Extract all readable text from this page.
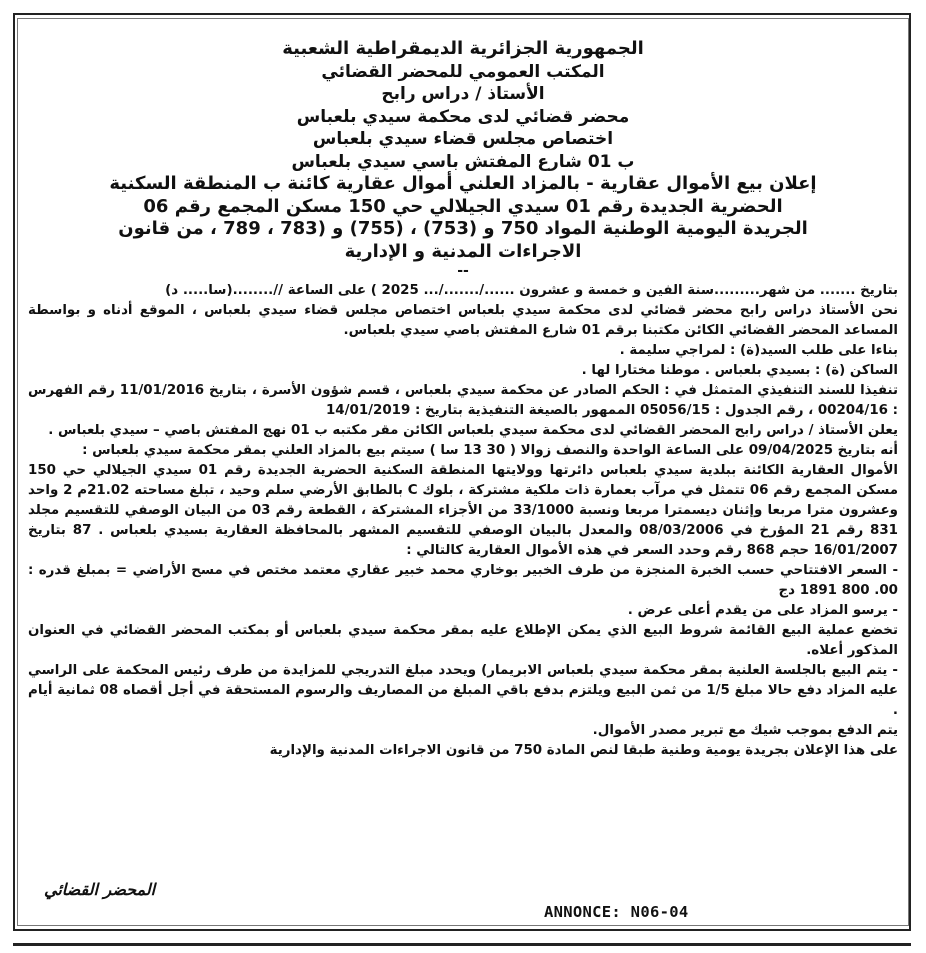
الجمهورية الجزائرية الديمقراطية الشعبية
المكتب العمومي للمحضر القضائي
الأستاذ / دراس رابح
محضر قضائي لدى محكمة سيدي بلعباس
اختصاص مجلس قضاء سيدي بلعباس
ب 01 شارع المفتش باسي سيدي بلعباس
إعلان بيع الأموال عقارية - بالمزاد العلني أموال عقارية كائنة ب المنطقة السكنية
الحضرية الجديدة رقم 01 سيدي الجيلالي حي 150 مسكن المجمع رقم 06
الجريدة اليومية الوطنية المواد 750 و (753) ، (755) و (783 ، 789 ، من قانون
الاجراءات المدنية و الإدارية
--

بتاريخ ....... من شهر.........سنة الفين و خمسة و عشرون ....../......./... 2025 ) على الساعة //........(سا..... د)

نحن الأستاذ دراس رابح محضر قضائي لدى محكمة سيدي بلعباس اختصاص مجلس قضاء سيدي بلعباس ، الموقع أدناه و بواسطة المساعد المحضر القضائي الكائن مكتبنا برقم 01 شارع المفتش باصي سيدي بلعباس.

بناءا على طلب السيد(ة) : لمراجي سليمة .

الساكن (ة) : بسيدي بلعباس . موطنا مختارا لها .

تنفيذا للسند التنفيذي المتمثل في : الحكم الصادر عن محكمة سيدي بلعباس ، قسم شؤون الأسرة ، بتاريخ 11/01/2016 رقم الفهرس : 00204/16 ، رقم الجدول : 05056/15 الممهور بالصيغة التنفيذية بتاريخ : 14/01/2019

يعلن الأستاذ / دراس رابح المحضر القضائي لدى محكمة سيدي بلعباس الكائن مقر مكتبه ب 01 نهج المفتش باصي – سيدي بلعباس .

أنه بتاريخ 09/04/2025 على الساعة الواحدة والنصف زوالا ( 30 13 سا ) سيتم بيع بالمزاد العلني بمقر محكمة سيدي بلعباس :

الأموال العقارية الكائنة ببلدية سيدي بلعباس دائرتها وولايتها المنطقة السكنية الحضرية الجديدة رقم 01 سيدي الجيلالي حي 150 مسكن المجمع رقم 06 تتمثل في مرآب بعمارة ذات ملكية مشتركة ، بلوك C بالطابق الأرضي سلم وحيد ، تبلغ مساحته 21.02م 2 واحد وعشرون مترا مربعا وإثنان ديسمترا مربعا ونسبة 33/1000 من الأجزاء المشتركة ، القطعة رقم 03 من البيان الوصفي للتقسيم مجلد 831 رقم 21 المؤرخ في 08/03/2006 والمعدل بالبيان الوصفي للتقسيم المشهر بالمحافظة العقارية بسيدي بلعباس . 87 بتاريخ 16/01/2007 حجم 868 رقم وحدد السعر في هذه الأموال العقارية كالتالي :

- السعر الافتتاحي حسب الخبرة المنجزة من طرف الخبير بوخاري محمد خبير عقاري معتمد مختص في مسح الأراضي = بمبلغ قدره : 00. 800 1891 دج

- يرسو المزاد على من يقدم أعلى عرض .

تخضع عملية البيع القائمة شروط البيع الذي يمكن الإطلاع عليه بمقر محكمة سيدي بلعباس أو بمكتب المحضر القضائي في العنوان المذكور أعلاه.

- يتم البيع بالجلسة العلنية بمقر محكمة سيدي بلعباس الابريمار) ويحدد مبلغ التدريجي للمزايدة من طرف رئيس المحكمة على الراسي عليه المزاد دفع حالا مبلغ 1/5 من ثمن البيع ويلتزم بدفع باقي المبلغ من المصاريف والرسوم المستحقة في أجل أقصاه 08 ثمانية أيام .

يتم الدفع بموجب شيك مع تبرير مصدر الأموال.

على هذا الإعلان بجريدة يومية وطنية طبقا لنص المادة 750 من قانون الاجراءات المدنية والإدارية

المحضر القضائي
ANNONCE: N06-04
